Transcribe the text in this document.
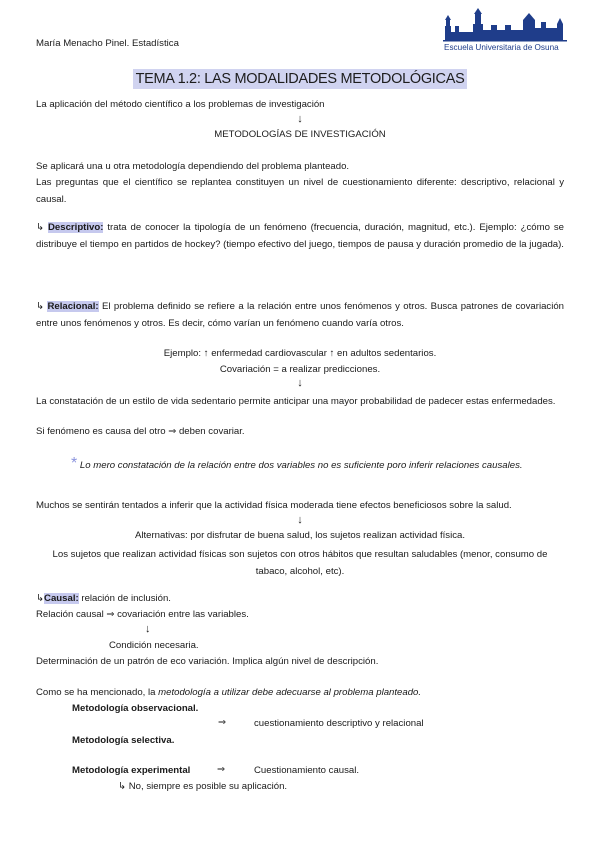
María Menacho Pinel. Estadística	Escuela Universitaria de Osuna
TEMA 1.2: LAS MODALIDADES METODOLÓGICAS
La aplicación del método científico a los problemas de investigación
↓
METODOLOGÍAS DE INVESTIGACIÓN
Se aplicará una u otra metodología dependiendo del problema planteado.
Las preguntas que el científico se replantea constituyen un nivel de cuestionamiento diferente: descriptivo, relacional y causal.
↳ Descriptivo: trata de conocer la tipología de un fenómeno (frecuencia, duración, magnitud, etc.). Ejemplo: ¿cómo se distribuye el tiempo en partidos de hockey? (tiempo efectivo del juego, tiempos de pausa y duración promedio de la jugada).
↳ Relacional: El problema definido se refiere a la relación entre unos fenómenos y otros. Busca patrones de covariación entre unos fenómenos y otros. Es decir, cómo varían un fenómeno cuando varía otros.
Ejemplo: ↑ enfermedad cardiovascular ↑ en adultos sedentarios.
Covariación = a realizar predicciones.
↓
La constatación de un estilo de vida sedentario permite anticipar una mayor probabilidad de padecer estas enfermedades.
Si fenómeno es causa del otro ⇒ deben covariar.
* Lo mero constatación de la relación entre dos variables no es suficiente poro inferir relaciones causales.
Muchos se sentirán tentados a inferir que la actividad física moderada tiene efectos beneficiosos sobre la salud.
↓
Alternativas: por disfrutar de buena salud, los sujetos realizan actividad física.
Los sujetos que realizan actividad físicas son sujetos con otros hábitos que resultan saludables (menor, consumo de tabaco, alcohol, etc).
↳Causal: relación de inclusión.
Relación causal ⇒ covariación entre las variables.
↓
Condición necesaria.
Determinación de un patrón de eco variación. Implica algún nivel de descripción.
Como se ha mencionado, la metodología a utilizar debe adecuarse al problema planteado.
Metodología observacional.
⇒	cuestionamiento descriptivo y relacional
Metodología selectiva.
Metodología experimental	⇒	Cuestionamiento causal.
↳ No, siempre es posible su aplicación.
